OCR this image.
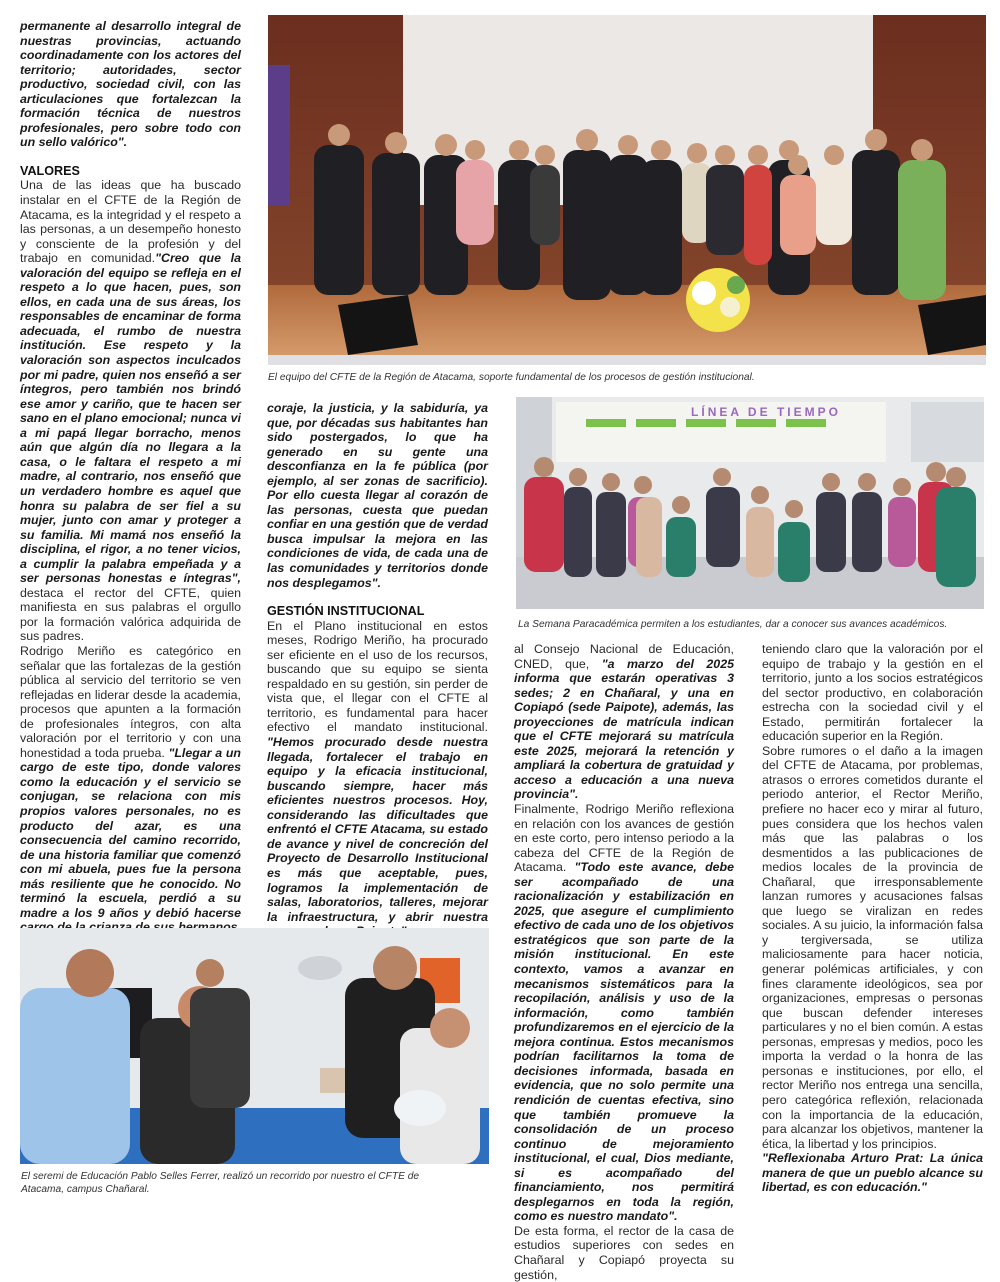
permanente al desarrollo integral de nuestras provincias, actuando coordinadamente con los actores del territorio; autoridades, sector productivo, sociedad civil, con las articulaciones que fortalezcan la formación técnica de nuestros profesionales, pero sobre todo con un sello valórico".

VALORES

Una de las ideas que ha buscado instalar en el CFTE de la Región de Atacama, es la integridad y el respeto a las personas, a un desempeño honesto y consciente de la profesión y del trabajo en comunidad."Creo que la valoración del equipo se refleja en el respeto a lo que hacen, pues, son ellos, en cada una de sus áreas, los responsables de encaminar de forma adecuada, el rumbo de nuestra institución. Ese respeto y la valoración son aspectos inculcados por mi padre, quien nos enseñó a ser íntegros, pero también nos brindó ese amor y cariño, que te hacen ser sano en el plano emocional; nunca vi a mi papá llegar borracho, menos aún que algún día no llegara a la casa, o le faltara el respeto a mi madre, al contrario, nos enseñó que un verdadero hombre es aquel que honra su palabra de ser fiel a su mujer, junto con amar y proteger a su familia. Mi mamá nos enseñó la disciplina, el rigor, a no tener vicios, a cumplir la palabra empeñada y a ser personas honestas e íntegras", destaca el rector del CFTE, quien manifiesta en sus palabras el orgullo por la formación valórica adquirida de sus padres.

Rodrigo Meriño es categórico en señalar que las fortalezas de la gestión pública al servicio del territorio se ven reflejadas en liderar desde la academia, procesos que apunten a la formación de profesionales íntegros, con alta valoración por el territorio y con una honestidad a toda prueba. "Llegar a un cargo de este tipo, donde valores como la educación y el servicio se conjugan, se relaciona con mis propios valores personales, no es producto del azar, es una consecuencia del camino recorrido, de una historia familiar que comenzó con mi abuela, pues fue la persona más resiliente que he conocido. No terminó la escuela, perdió a su madre a los 9 años y debió hacerse

El equipo del CFTE de la Región de Atacama, soporte fundamental de los procesos de gestión institucional.

coraje, la justicia, y la sabiduría, ya que, por décadas sus habitantes han sido postergados, lo que ha generado en su gente una desconfianza en la fe pública (por ejemplo, al ser zonas de sacrificio). Por ello cuesta llegar al corazón de las personas, cuesta que puedan confiar en una gestión que de verdad busca impulsar la mejora en las condiciones de vida, de cada una de las comunidades y territorios donde nos desplegamos".

GESTIÓN INSTITUCIONAL

En el Plano institucional en estos meses, Rodrigo Meriño, ha procurado ser eficiente en el uso de los recursos, buscando que su equipo se sienta respaldado en su gestión, sin perder de vista que, el llegar con el CFTE al territorio, es fundamental para hacer efectivo el mandato institucional. "Hemos procurado desde nuestra llegada, fortalecer el trabajo en equipo y la eficacia institucional, buscando siempre, hacer más eficientes nuestros procesos. Hoy, considerando las dificultades que enfrentó el CFTE Atacama, su estado de avance y nivel de concreción del Proyecto de Desarrollo Institucional es más que aceptable, pues, logramos la implementación de salas, laboratorios, talleres, mejorar la infraestructura, y abrir nuestra

LÍNEA DE TIEMPO
La Semana Paracadémica permiten a los estudiantes, dar a conocer sus avances académicos.

al Consejo Nacional de Educación, CNED, que, "a marzo del 2025 informa que estarán operativas 3 sedes; 2 en Chañaral, y una en Copiapó (sede Paipote), además, las proyecciones de matrícula indican que el CFTE mejorará su matrícula este 2025, mejorará la retención y ampliará la cobertura de gratuidad y acceso a educación a una nueva provincia".

Finalmente, Rodrigo Meriño reflexiona en relación con los avances de gestión en este corto, pero intenso periodo a la cabeza del CFTE de la Región de Atacama. "Todo este avance, debe ser acompañado de una racionalización y estabilización en 2025, que asegure el cumplimiento efectivo de cada uno de los objetivos estratégicos que son parte de la misión institucional. En este contexto, vamos a avanzar en mecanismos sistemáticos para la recopilación, análisis y uso de la información, como también profundizaremos en el ejercicio de la mejora continua. Estos mecanismos podrían facilitarnos la toma de decisiones informada, basada en evidencia, que no solo permite una rendición de cuentas efectiva, sino que también promueve la consolidación de un proceso continuo de mejoramiento institucional, el cual, Dios mediante, si es acompañado del financiamiento, nos permitirá desplegarnos en toda la región, como es nuestro mandato".

De esta forma, el rector de la casa de estudios superiores con sedes en Chañaral y Copiapó proyecta su gestión,

teniendo claro que la valoración por el equipo de trabajo y la gestión en el territorio, junto a los socios estratégicos del sector productivo, en colaboración estrecha con la sociedad civil y el Estado, permitirán fortalecer la educación superior en la Región.

Sobre rumores o el daño a la imagen del CFTE de Atacama, por problemas, atrasos o errores cometidos durante el periodo anterior, el Rector Meriño, prefiere no hacer eco y mirar al futuro, pues considera que los hechos valen más que las palabras o los desmentidos a las publicaciones de medios locales de la provincia de Chañaral, que irresponsablemente lanzan rumores y acusaciones falsas que luego se viralizan en redes sociales. A su juicio, la información falsa y tergiversada, se utiliza maliciosamente para hacer noticia, generar polémicas artificiales, y con fines claramente ideológicos, sea por organizaciones, empresas o personas que buscan defender intereses particulares y no el bien común. A estas personas, empresas y medios, poco les importa la verdad o la honra de las personas e instituciones, por ello, el rector Meriño nos entrega una sencilla, pero categórica reflexión, relacionada con la importancia de la educación, para alcanzar los objetivos, mantener la ética, la libertad y los principios.

"Reflexionaba Arturo Prat: La única manera de que un pueblo alcance su libertad, es con educación."

El seremi de Educación Pablo Selles Ferrer, realizó un recorrido por nuestro el CFTE de Atacama, campus Chañaral.
